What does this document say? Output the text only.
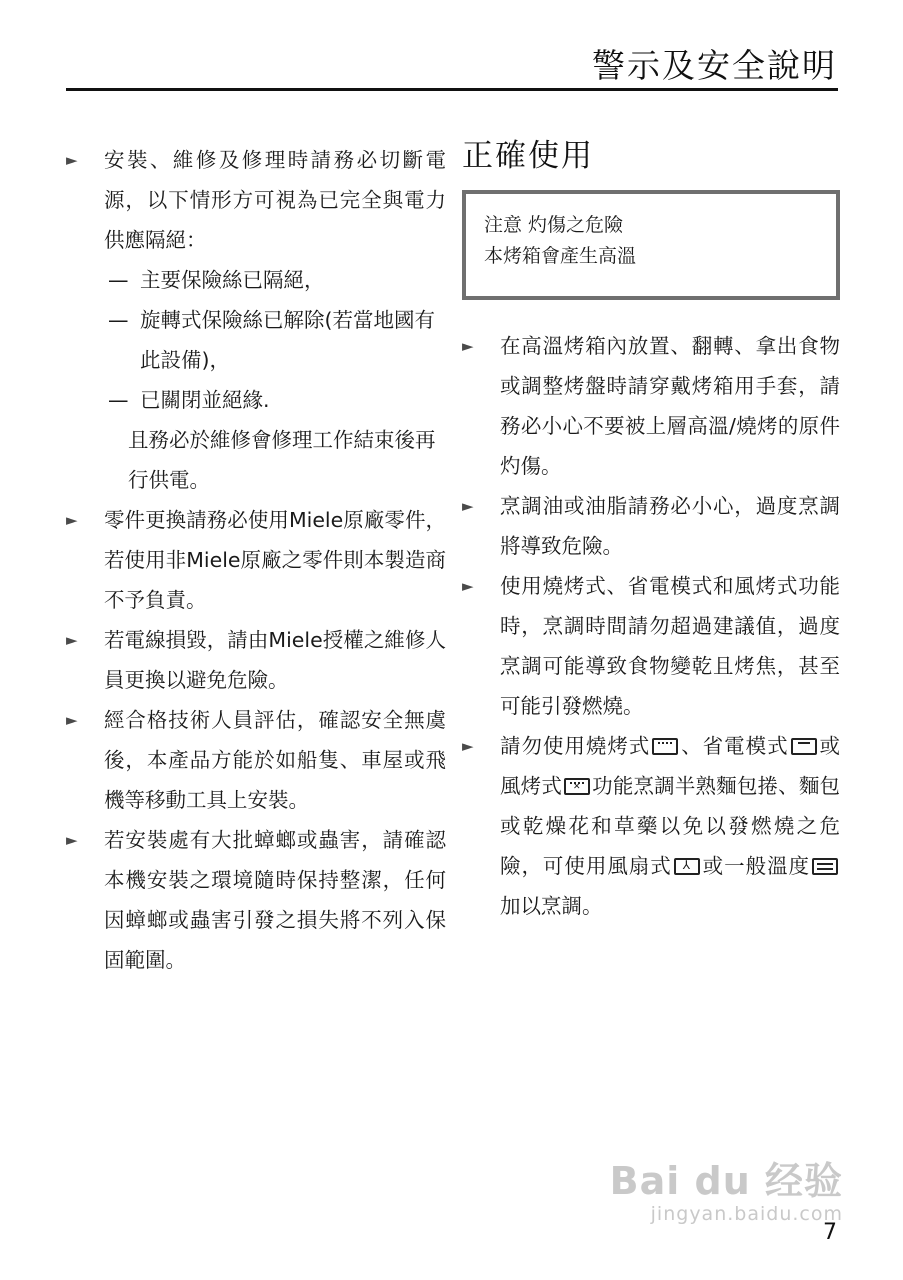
警示及安全說明
►	安裝、維修及修理時請務必切斷電源，以下情形方可視為已完全與電力供應隔絕：
— 主要保險絲已隔絕，
— 旋轉式保險絲已解除(若當地國有此設備)，
— 已關閉並絕緣.
且務必於維修會修理工作結束後再行供電。
►	零件更換請務必使用Miele原廠零件，若使用非Miele原廠之零件則本製造商不予負責。
►	若電線損毀，請由Miele授權之維修人員更換以避免危險。
►	經合格技術人員評估，確認安全無虞後，本產品方能於如船隻、車屋或飛機等移動工具上安裝。
►	若安裝處有大批蟑螂或蟲害，請確認本機安裝之環境隨時保持整潔，任何因蟑螂或蟲害引發之損失將不列入保固範圍。
正確使用
注意 灼傷之危險
本烤箱會產生高溫
►	在高溫烤箱內放置、翻轉、拿出食物或調整烤盤時請穿戴烤箱用手套，請務必小心不要被上層高溫/燒烤的原件灼傷。
►	烹調油或油脂請務必小心，過度烹調將導致危險。
►	使用燒烤式、省電模式和風烤式功能時，烹調時間請勿超過建議值，過度烹調可能導致食物變乾且烤焦，甚至可能引發燃燒。
►	請勿使用燒烤式 、省電模式 或風烤式 ✕ 功能烹調半熟麵包捲、麵包或乾燥花和草藥以免以發燃燒之危險，可使用風扇式 ⅄ 或一般溫度加以烹調。
Bai du 经验
jingyan.baidu.com
7
